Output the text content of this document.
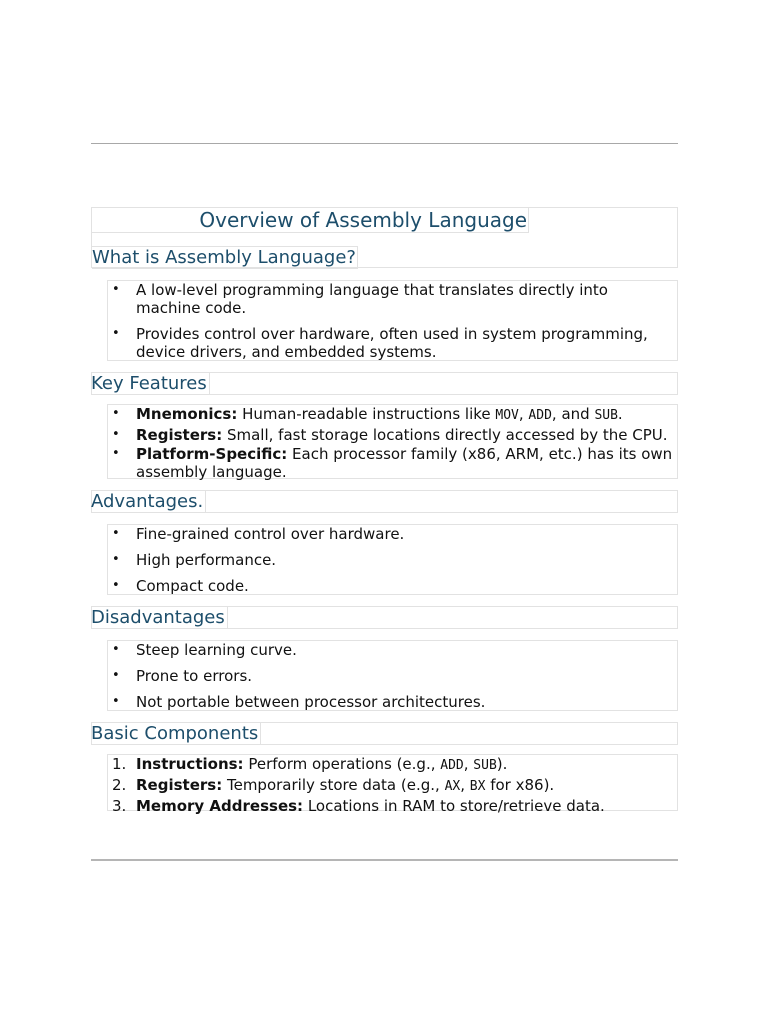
Overview of Assembly Language
What is Assembly Language?
• A low-level programming language that translates directly into machine code.
• Provides control over hardware, often used in system programming, device drivers, and embedded systems.
Key Features
• Mnemonics: Human-readable instructions like MOV, ADD, and SUB.
• Registers: Small, fast storage locations directly accessed by the CPU.
• Platform-Specific: Each processor family (x86, ARM, etc.) has its own assembly language.
Advantages.
• Fine-grained control over hardware.
• High performance.
• Compact code.
Disadvantages
• Steep learning curve.
• Prone to errors.
• Not portable between processor architectures.
Basic Components
1. Instructions: Perform operations (e.g., ADD, SUB).
2. Registers: Temporarily store data (e.g., AX, BX for x86).
3. Memory Addresses: Locations in RAM to store/retrieve data.
